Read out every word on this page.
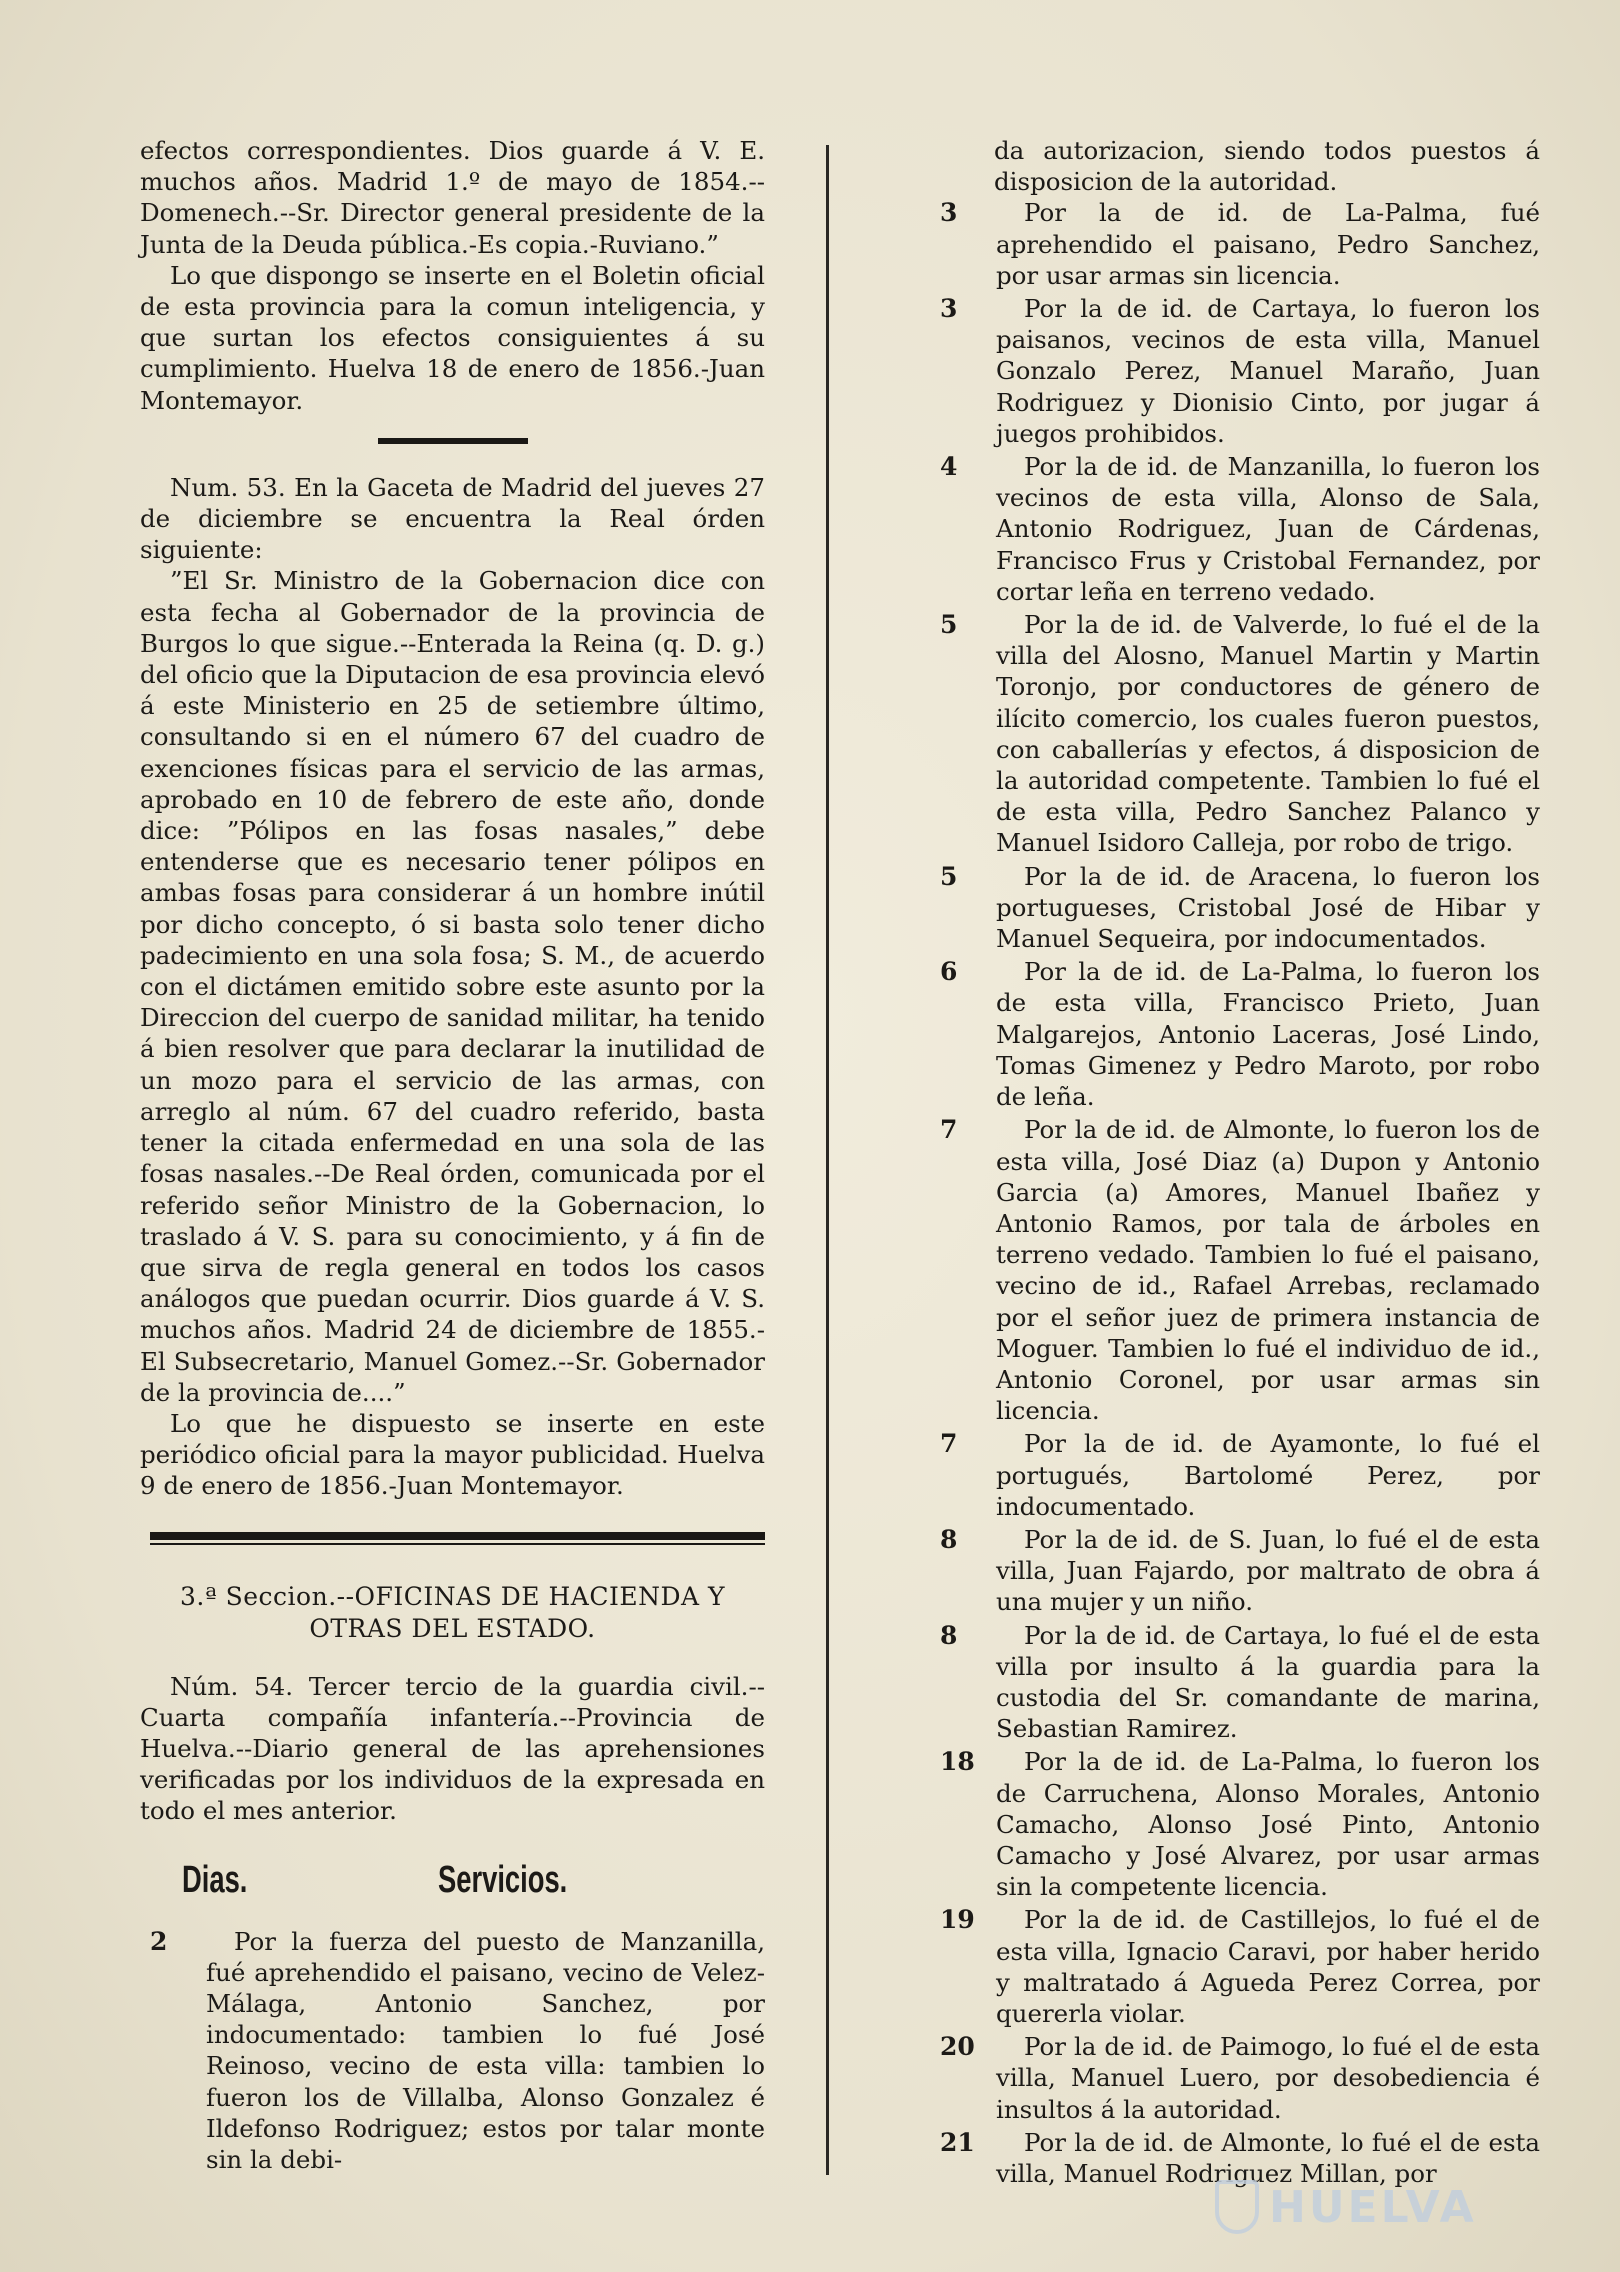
efectos correspondientes. Dios guarde á V. E. muchos años. Madrid 1.º de mayo de 1854.--Domenech.--Sr. Director general presidente de la Junta de la Deuda pública.-Es copia.-Ruviano.”

Lo que dispongo se inserte en el Boletin oficial de esta provincia para la comun inteligencia, y que surtan los efectos consiguientes á su cumplimiento. Huelva 18 de enero de 1856.-Juan Montemayor.

Num. 53. En la Gaceta de Madrid del jueves 27 de diciembre se encuentra la Real órden siguiente:

”El Sr. Ministro de la Gobernacion dice con esta fecha al Gobernador de la provincia de Burgos lo que sigue.--Enterada la Reina (q. D. g.) del oficio que la Diputacion de esa provincia elevó á este Ministerio en 25 de setiembre último, consultando si en el número 67 del cuadro de exenciones físicas para el servicio de las armas, aprobado en 10 de febrero de este año, donde dice: ”Pólipos en las fosas nasales,” debe entenderse que es necesario tener pólipos en ambas fosas para considerar á un hombre inútil por dicho concepto, ó si basta solo tener dicho padecimiento en una sola fosa; S. M., de acuerdo con el dictámen emitido sobre este asunto por la Direccion del cuerpo de sanidad militar, ha tenido á bien resolver que para declarar la inutilidad de un mozo para el servicio de las armas, con arreglo al núm. 67 del cuadro referido, basta tener la citada enfermedad en una sola de las fosas nasales.--De Real órden, comunicada por el referido señor Ministro de la Gobernacion, lo traslado á V. S. para su conocimiento, y á fin de que sirva de regla general en todos los casos análogos que puedan ocurrir. Dios guarde á V. S. muchos años. Madrid 24 de diciembre de 1855.-El Subsecretario, Manuel Gomez.--Sr. Gobernador de la provincia de....”

Lo que he dispuesto se inserte en este periódico oficial para la mayor publicidad. Huelva 9 de enero de 1856.-Juan Montemayor.

3.ª Seccion.--OFICINAS DE HACIENDA Y
OTRAS DEL ESTADO.

Núm. 54. Tercer tercio de la guardia civil.--Cuarta compañía infantería.--Provincia de Huelva.--Diario general de las aprehensiones verificadas por los individuos de la expresada en todo el mes anterior.

Dias.	Servicios.
2	Por la fuerza del puesto de Manzanilla, fué aprehendido el paisano, vecino de Velez-Málaga, Antonio Sanchez, por indocumentado: tambien lo fué José Reinoso, vecino de esta villa: tambien lo fueron los de Villalba, Alonso Gonzalez é Ildefonso Rodriguez; estos por talar monte sin la debi-

da autorizacion, siendo todos puestos á disposicion de la autoridad.

3	Por la de id. de La-Palma, fué aprehendido el paisano, Pedro Sanchez, por usar armas sin licencia.

3	Por la de id. de Cartaya, lo fueron los paisanos, vecinos de esta villa, Manuel Gonzalo Perez, Manuel Maraño, Juan Rodriguez y Dionisio Cinto, por jugar á juegos prohibidos.

4	Por la de id. de Manzanilla, lo fueron los vecinos de esta villa, Alonso de Sala, Antonio Rodriguez, Juan de Cárdenas, Francisco Frus y Cristobal Fernandez, por cortar leña en terreno vedado.

5	Por la de id. de Valverde, lo fué el de la villa del Alosno, Manuel Martin y Martin Toronjo, por conductores de género de ilícito comercio, los cuales fueron puestos, con caballerías y efectos, á disposicion de la autoridad competente. Tambien lo fué el de esta villa, Pedro Sanchez Palanco y Manuel Isidoro Calleja, por robo de trigo.

5	Por la de id. de Aracena, lo fueron los portugueses, Cristobal José de Hibar y Manuel Sequeira, por indocumentados.

6	Por la de id. de La-Palma, lo fueron los de esta villa, Francisco Prieto, Juan Malgarejos, Antonio Laceras, José Lindo, Tomas Gimenez y Pedro Maroto, por robo de leña.

7	Por la de id. de Almonte, lo fueron los de esta villa, José Diaz (a) Dupon y Antonio Garcia (a) Amores, Manuel Ibañez y Antonio Ramos, por tala de árboles en terreno vedado. Tambien lo fué el paisano, vecino de id., Rafael Arrebas, reclamado por el señor juez de primera instancia de Moguer. Tambien lo fué el individuo de id., Antonio Coronel, por usar armas sin licencia.

7	Por la de id. de Ayamonte, lo fué el portugués, Bartolomé Perez, por indocumentado.

8	Por la de id. de S. Juan, lo fué el de esta villa, Juan Fajardo, por maltrato de obra á una mujer y un niño.

8	Por la de id. de Cartaya, lo fué el de esta villa por insulto á la guardia para la custodia del Sr. comandante de marina, Sebastian Ramirez.

18	Por la de id. de La-Palma, lo fueron los de Carruchena, Alonso Morales, Antonio Camacho, Alonso José Pinto, Antonio Camacho y José Alvarez, por usar armas sin la competente licencia.

19	Por la de id. de Castillejos, lo fué el de esta villa, Ignacio Caravi, por haber herido y maltratado á Agueda Perez Correa, por quererla violar.

20	Por la de id. de Paimogo, lo fué el de esta villa, Manuel Luero, por desobediencia é insultos á la autoridad.

21	Por la de id. de Almonte, lo fué el de esta villa, Manuel Rodriguez Millan, por

HUELVA
